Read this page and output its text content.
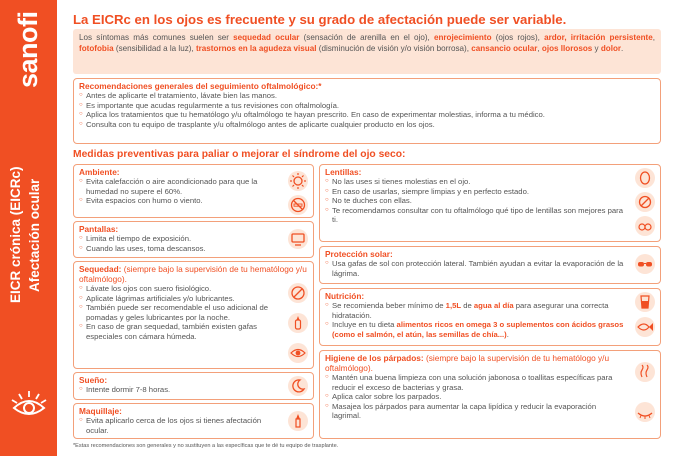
sanofi
EICR crónica (EICRc) Afectación ocular
La EICRc en los ojos es frecuente y su grado de afectación puede ser variable.
Los síntomas más comunes suelen ser sequedad ocular (sensación de arenilla en el ojo), enrojecimiento (ojos rojos), ardor, irritación persistente, fotofobia (sensibilidad a la luz), trastornos en la agudeza visual (disminución de visión y/o visión borrosa), cansancio ocular, ojos llorosos y dolor.
Recomendaciones generales del seguimiento oftalmológico:*
○ Antes de aplicarte el tratamiento, lávate bien las manos.
○ Es importante que acudas regularmente a tus revisiones con oftalmología.
○ Aplica los tratamientos que tu hematólogo y/u oftalmólogo te hayan prescrito. En caso de experimentar molestias, informa a tu médico.
○ Consulta con tu equipo de trasplante y/u oftalmólogo antes de aplicarte cualquier producto en los ojos.
Medidas preventivas para paliar o mejorar el síndrome del ojo seco:
Ambiente:
○ Evita calefacción o aire acondicionado para que la humedad no supere el 60%.
○ Evita espacios con humo o viento.
Pantallas:
○ Limita el tiempo de exposición.
○ Cuando las uses, toma descansos.
Sequedad: (siempre bajo la supervisión de tu hematólogo y/u oftalmólogo).
○ Lávate los ojos con suero fisiológico.
○ Aplicate lágrimas artificiales y/o lubricantes.
○ También puede ser recomendable el uso adicional de pomadas y geles lubricantes por la noche.
○ En caso de gran sequedad, también existen gafas especiales con cámara húmeda.
Sueño:
○ Intente dormir 7-8 horas.
Maquillaje:
○ Evita aplicarlo cerca de los ojos si tienes afectación ocular.
Lentillas:
○ No las uses si tienes molestias en el ojo.
○ En caso de usarlas, siempre limpias y en perfecto estado.
○ No te duches con ellas.
○ Te recomendamos consultar con tu oftalmólogo qué tipo de lentillas son mejores para ti.
Protección solar:
○ Usa gafas de sol con protección lateral. También ayudan a evitar la evaporación de la lágrima.
Nutrición:
○ Se recomienda beber mínimo de 1,5L de agua al día para asegurar una correcta hidratación.
○ Incluye en tu dieta alimentos ricos en omega 3 o suplementos con ácidos grasos (como el salmón, el atún, las semillas de chía...).
Higiene de los párpados: (siempre bajo la supervisión de tu hematólogo y/u oftalmólogo).
○ Mantén una buena limpieza con una solución jabonosa o toallitas específicas para reducir el exceso de bacterias y grasa.
○ Aplica calor sobre los parpados.
○ Masajea los párpados para aumentar la capa lipídica y reducir la evaporación lagrimal.
*Estas recomendaciones son generales y no sustituyen a las específicas que te dé tu equipo de trasplante.
